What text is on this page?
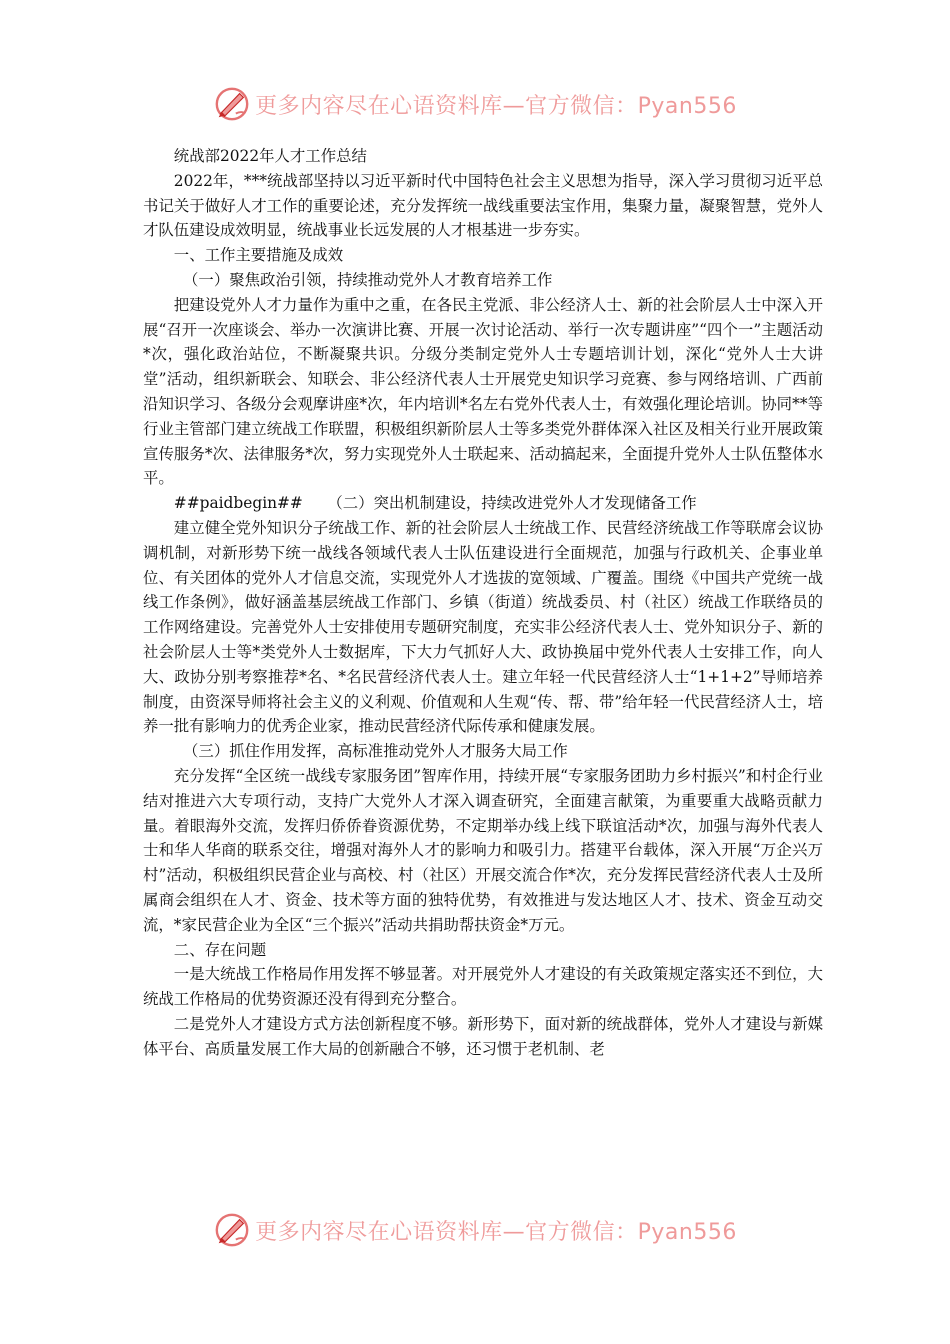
更多内容尽在心语资料库—官方微信：Pyan556

统战部2022年人才工作总结

2022年，***统战部坚持以习近平新时代中国特色社会主义思想为指导，深入学习贯彻习近平总书记关于做好人才工作的重要论述，充分发挥统一战线重要法宝作用，集聚力量，凝聚智慧，党外人才队伍建设成效明显，统战事业长远发展的人才根基进一步夯实。

一、工作主要措施及成效

（一）聚焦政治引领，持续推动党外人才教育培养工作

把建设党外人才力量作为重中之重，在各民主党派、非公经济人士、新的社会阶层人士中深入开展“召开一次座谈会、举办一次演讲比赛、开展一次讨论活动、举行一次专题讲座”“四个一”主题活动*次，强化政治站位，不断凝聚共识。分级分类制定党外人士专题培训计划，深化“党外人士大讲堂”活动，组织新联会、知联会、非公经济代表人士开展党史知识学习竞赛、参与网络培训、广西前沿知识学习、各级分会观摩讲座*次，年内培训*名左右党外代表人士，有效强化理论培训。协同**等行业主管部门建立统战工作联盟，积极组织新阶层人士等多类党外群体深入社区及相关行业开展政策宣传服务*次、法律服务*次，努力实现党外人士联起来、活动搞起来，全面提升党外人士队伍整体水平。

##paidbegin## （二）突出机制建设，持续改进党外人才发现储备工作

建立健全党外知识分子统战工作、新的社会阶层人士统战工作、民营经济统战工作等联席会议协调机制，对新形势下统一战线各领域代表人士队伍建设进行全面规范，加强与行政机关、企事业单位、有关团体的党外人才信息交流，实现党外人才选拔的宽领域、广覆盖。围绕《中国共产党统一战线工作条例》，做好涵盖基层统战工作部门、乡镇（街道）统战委员、村（社区）统战工作联络员的工作网络建设。完善党外人士安排使用专题研究制度，充实非公经济代表人士、党外知识分子、新的社会阶层人士等*类党外人士数据库，下大力气抓好人大、政协换届中党外代表人士安排工作，向人大、政协分别考察推荐*名、*名民营经济代表人士。建立年轻一代民营经济人士“1+1+2”导师培养制度，由资深导师将社会主义的义利观、价值观和人生观“传、帮、带”给年轻一代民营经济人士，培养一批有影响力的优秀企业家，推动民营经济代际传承和健康发展。

（三）抓住作用发挥，高标准推动党外人才服务大局工作

充分发挥“全区统一战线专家服务团”智库作用，持续开展“专家服务团助力乡村振兴”和村企行业结对推进六大专项行动，支持广大党外人才深入调查研究，全面建言献策，为重要重大战略贡献力量。着眼海外交流，发挥归侨侨眷资源优势，不定期举办线上线下联谊活动*次，加强与海外代表人士和华人华商的联系交往，增强对海外人才的影响力和吸引力。搭建平台载体，深入开展“万企兴万村”活动，积极组织民营企业与高校、村（社区）开展交流合作*次，充分发挥民营经济代表人士及所属商会组织在人才、资金、技术等方面的独特优势，有效推进与发达地区人才、技术、资金互动交流，*家民营企业为全区“三个振兴”活动共捐助帮扶资金*万元。

二、存在问题

一是大统战工作格局作用发挥不够显著。对开展党外人才建设的有关政策规定落实还不到位，大统战工作格局的优势资源还没有得到充分整合。

二是党外人才建设方式方法创新程度不够。新形势下，面对新的统战群体，党外人才建设与新媒体平台、高质量发展工作大局的创新融合不够，还习惯于老机制、老

更多内容尽在心语资料库—官方微信：Pyan556
